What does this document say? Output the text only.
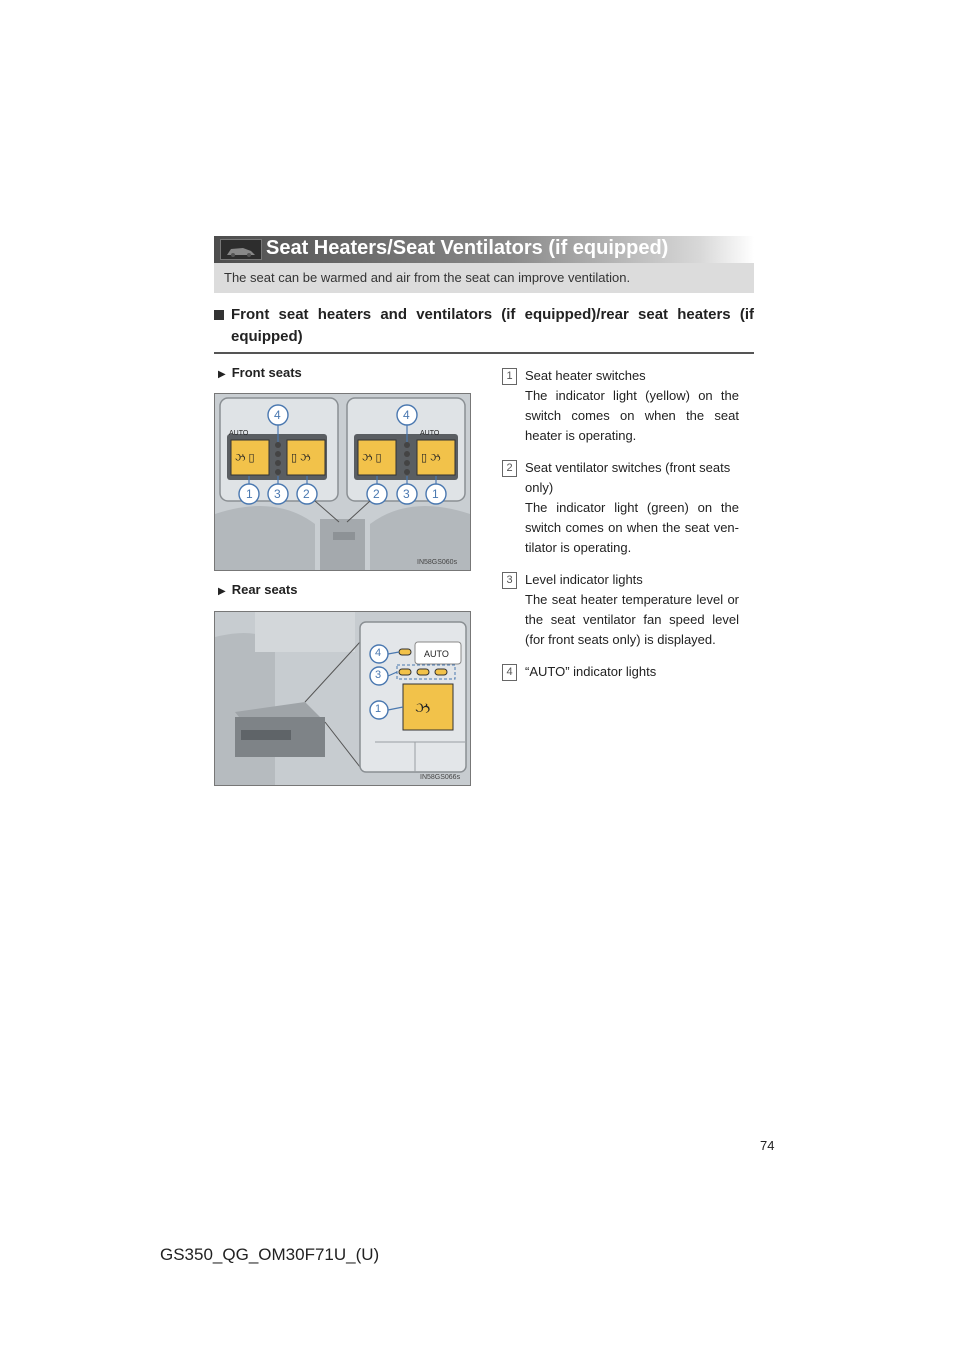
Seat Heaters/Seat Ventilators (if equipped)
The seat can be warmed and air from the seat can improve ventilation.
Front seat heaters and ventilators (if equipped)/rear seat heaters (if equipped)
▶ Front seats
ઝ ▯	▯ ઝ	ઝ ▯	▯ ઝ
AUTO	AUTO
4
1 3 2
4
2 3 1
IN58GS060s
▶ Rear seats
ઝ
AUTO
4
3
1
IN58GS066s
1 Seat heater switches
The indicator light (yellow) on the switch comes on when the seat heater is operating.
2 Seat ventilator switches (front seats only)
The indicator light (green) on the switch comes on when the seat ven-tilator is operating.
3 Level indicator lights
The seat heater temperature level or the seat ventilator fan speed level (for front seats only) is displayed.
4 “AUTO” indicator lights
74
GS350_QG_OM30F71U_(U)
